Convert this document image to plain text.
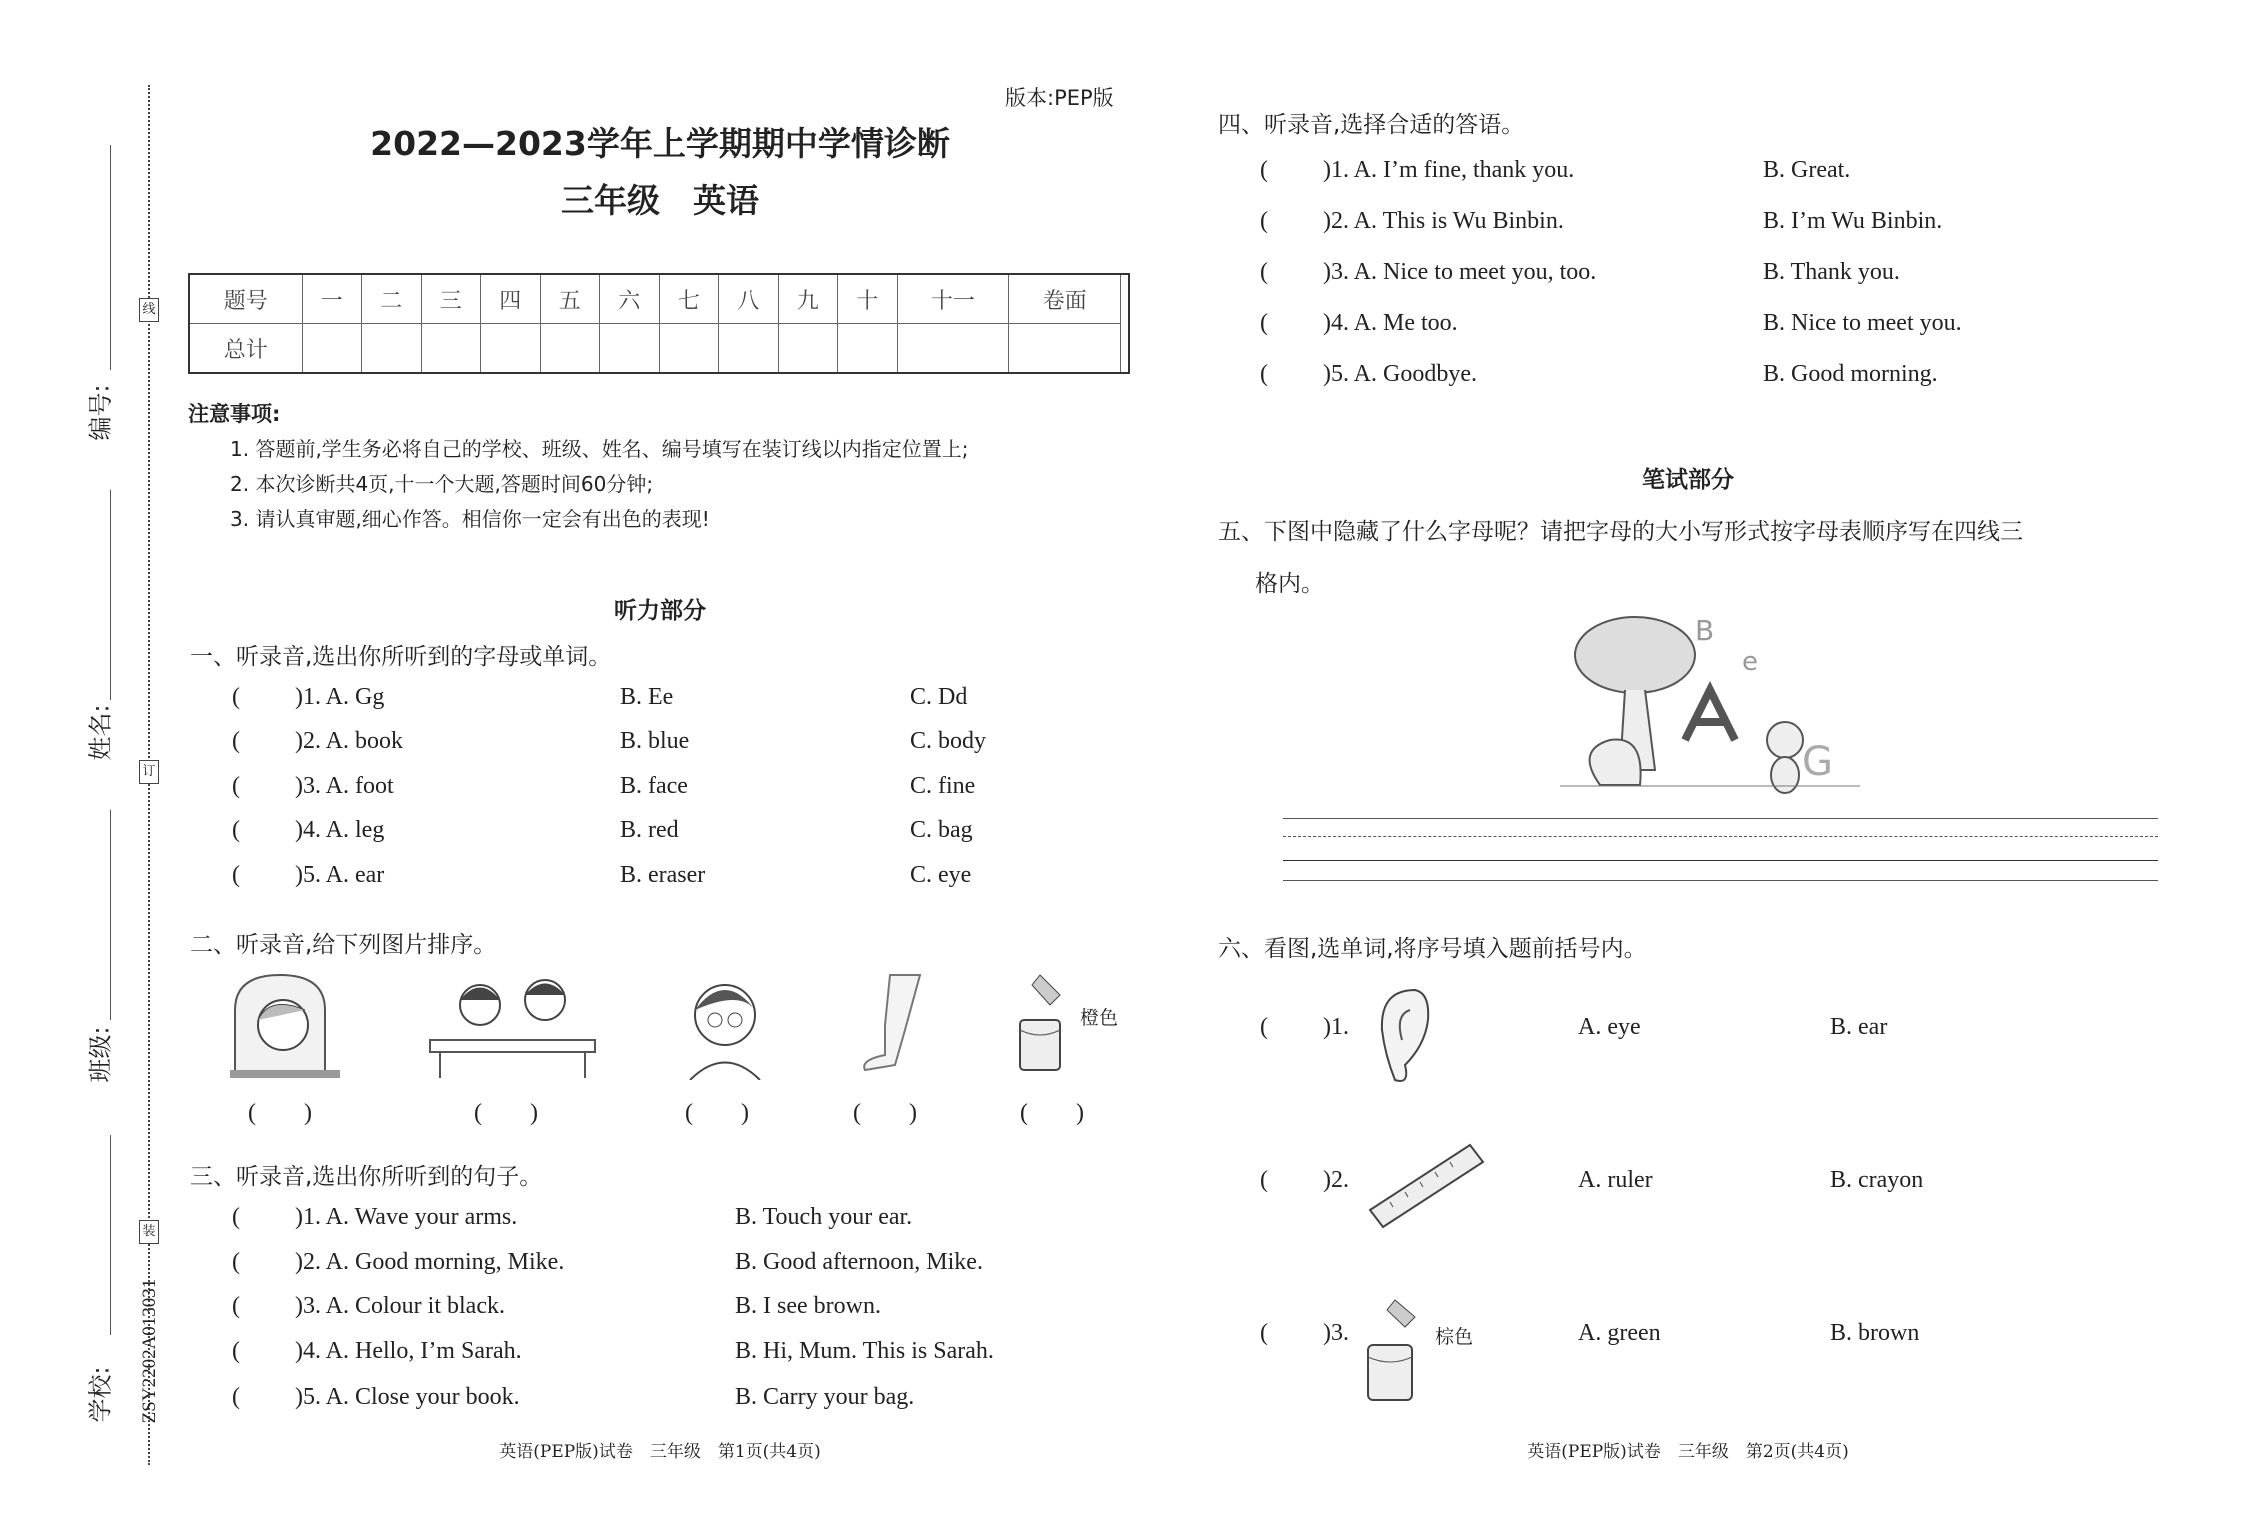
编号:
姓名:
班级:
学校:
线
订
装
ZSY2202A013031
版本:PEP版
2022—2023学年上学期期中学情诊断
三年级　英语
题号	一	二	三	四	五	六	七	八	九	十	十一	卷面	
总计													
注意事项:
1. 答题前,学生务必将自己的学校、班级、姓名、编号填写在装订线以内指定位置上;
2. 本次诊断共4页,十一个大题,答题时间60分钟;
3. 请认真审题,细心作答。相信你一定会有出色的表现!
听力部分
一、听录音,选出你所听到的字母或单词。
( )1. A. Gg	B. Ee	C. Dd
( )2. A. book	B. blue	C. body
( )3. A. foot	B. face	C. fine
( )4. A. leg	B. red	C. bag
( )5. A. ear	B. eraser	C. eye
二、听录音,给下列图片排序。
橙色
(　　)	(　　)	(　　)	(　　)	(　　)
三、听录音,选出你所听到的句子。
( )1. A. Wave your arms.	B. Touch your ear.
( )2. A. Good morning, Mike.	B. Good afternoon, Mike.
( )3. A. Colour it black.	B. I see brown.
( )4. A. Hello, I’m Sarah.	B. Hi, Mum. This is Sarah.
( )5. A. Close your book.	B. Carry your bag.
英语(PEP版)试卷　三年级　第1页(共4页)
四、听录音,选择合适的答语。
( )1. A. I’m fine, thank you.	B. Great.
( )2. A. This is Wu Binbin.	B. I’m Wu Binbin.
( )3. A. Nice to meet you, too.	B. Thank you.
( )4. A. Me too.	B. Nice to meet you.
( )5. A. Goodbye.	B. Good morning.
笔试部分
五、下图中隐藏了什么字母呢？请把字母的大小写形式按字母表顺序写在四线三
格内。
B
e
G
六、看图,选单词,将序号填入题前括号内。
( )1.	A. eye	B. ear
( )2.	A. ruler	B. crayon
( )3.	A. green	B. brown
棕色
英语(PEP版)试卷　三年级　第2页(共4页)
